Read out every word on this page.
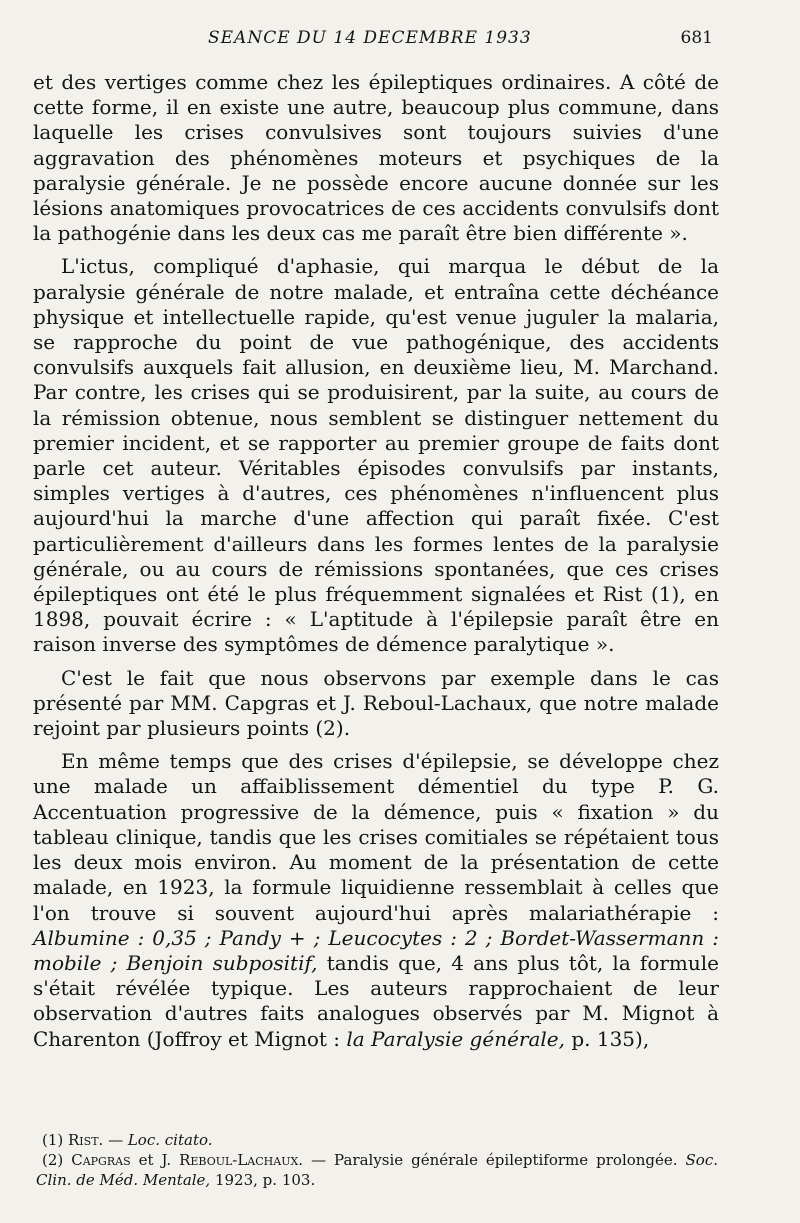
SEANCE DU 14 DECEMBRE 1933	681

et des vertiges comme chez les épileptiques ordinaires. A côté de cette forme, il en existe une autre, beaucoup plus commune, dans laquelle les crises convulsives sont toujours suivies d'une aggravation des phénomènes moteurs et psychiques de la paralysie générale. Je ne possède encore aucune donnée sur les lésions anatomiques provocatrices de ces accidents convulsifs dont la pathogénie dans les deux cas me paraît être bien différente ».

L'ictus, compliqué d'aphasie, qui marqua le début de la paralysie générale de notre malade, et entraîna cette déchéance physique et intellectuelle rapide, qu'est venue juguler la malaria, se rapproche du point de vue pathogénique, des accidents convulsifs auxquels fait allusion, en deuxième lieu, M. Marchand. Par contre, les crises qui se produisirent, par la suite, au cours de la rémission obtenue, nous semblent se distinguer nettement du premier incident, et se rapporter au premier groupe de faits dont parle cet auteur. Véritables épisodes convulsifs par instants, simples vertiges à d'autres, ces phénomènes n'influencent plus aujourd'hui la marche d'une affection qui paraît fixée. C'est particulièrement d'ailleurs dans les formes lentes de la paralysie générale, ou au cours de rémissions spontanées, que ces crises épileptiques ont été le plus fréquemment signalées et Rist (1), en 1898, pouvait écrire : « L'aptitude à l'épilepsie paraît être en raison inverse des symptômes de démence paralytique ».

C'est le fait que nous observons par exemple dans le cas présenté par MM. Capgras et J. Reboul-Lachaux, que notre malade rejoint par plusieurs points (2).

En même temps que des crises d'épilepsie, se développe chez une malade un affaiblissement démentiel du type P. G. Accentuation progressive de la démence, puis « fixation » du tableau clinique, tandis que les crises comitiales se répétaient tous les deux mois environ. Au moment de la présentation de cette malade, en 1923, la formule liquidienne ressemblait à celles que l'on trouve si souvent aujourd'hui après malariathérapie : Albumine : 0,35 ; Pandy + ; Leucocytes : 2 ; Bordet-Wassermann : mobile ; Benjoin subpositif, tandis que, 4 ans plus tôt, la formule s'était révélée typique. Les auteurs rapprochaient de leur observation d'autres faits analogues observés par M. Mignot à Charenton (Joffroy et Mignot : la Paralysie générale, p. 135),

(1) Rist. — Loc. citato.

(2) Capgras et J. Reboul-Lachaux. — Paralysie générale épileptiforme prolongée. Soc. Clin. de Méd. Mentale, 1923, p. 103.
